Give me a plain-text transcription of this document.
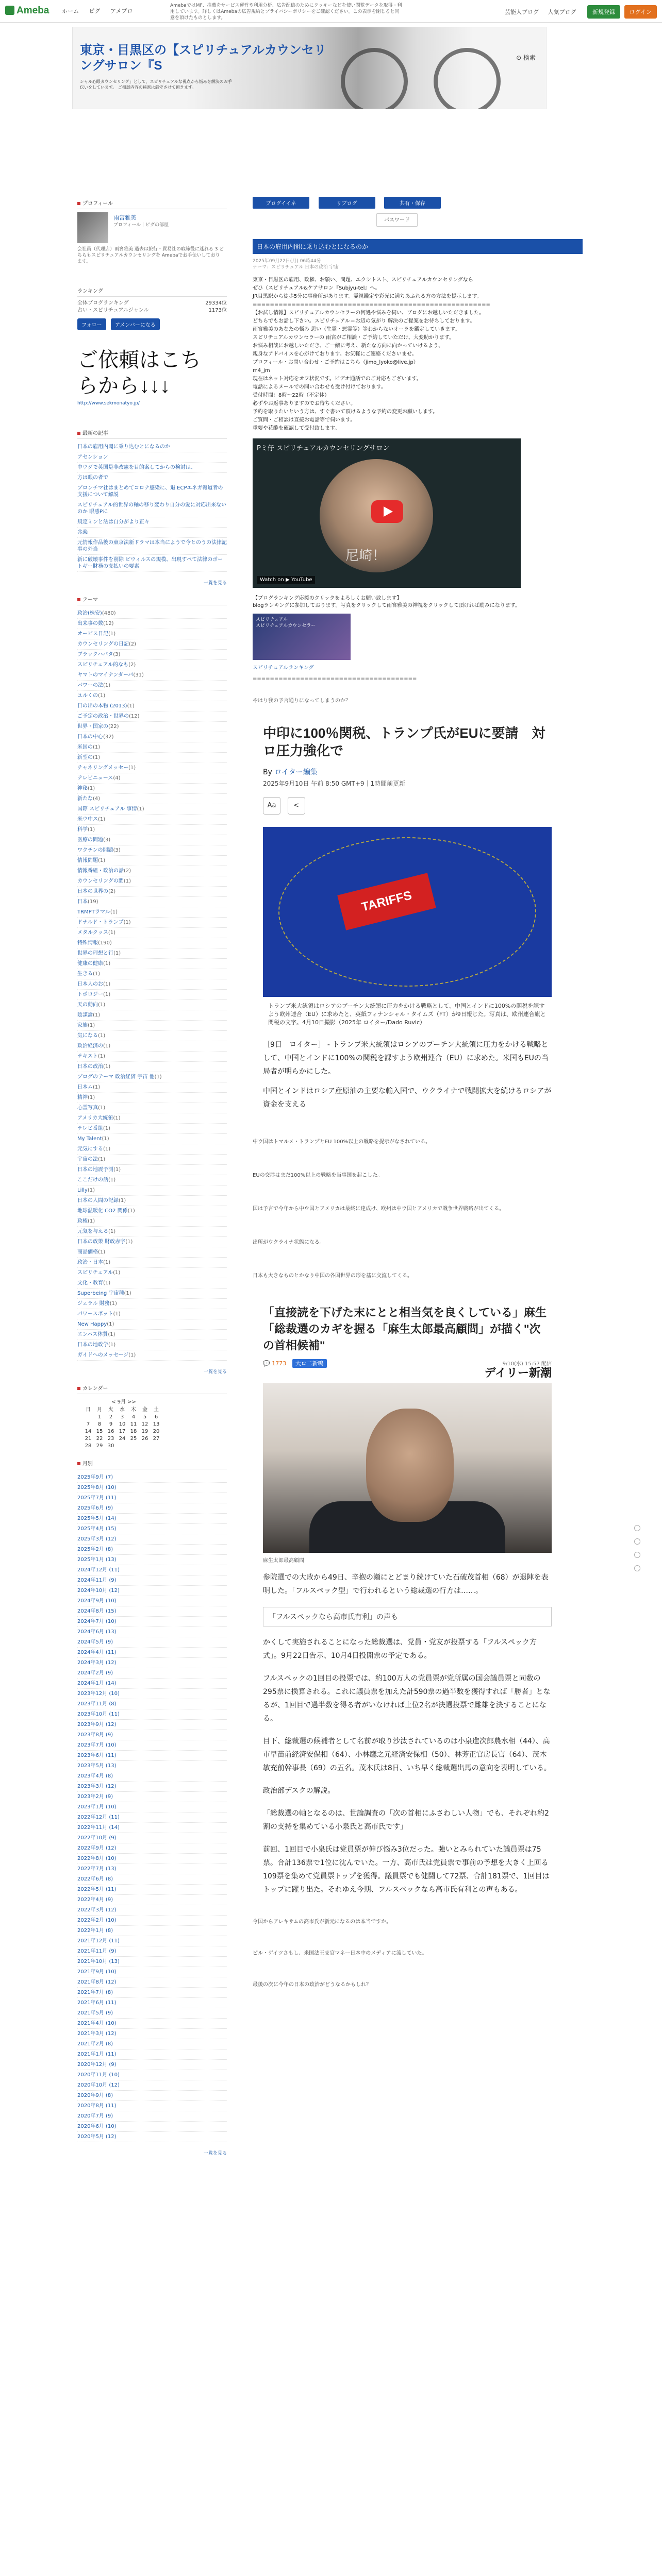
Ameba ホーム ピグ アメブロ
AmebaではMF、推薦をサービス運営や利用分析、広告配信のためにクッキーなどを使い閲覧データを取得・利用しています。詳しくはAmebaの広告規約とプライバシーポリシーをご確認ください。この表示を閉じると同意を頂けたものとします。
芸能人ブログ 人気ブログ	新規登録	ログイン
東京・目黒区の【スピリチュアルカウンセリ
ングサロン『S
シャル心眼カウンセリング」として、スピリチュアルな視点から悩みを解決のお手伝いをしています。 ご相談内容の秘密は厳守させて頂きます。
⊙ 検索
プロフィール
雨宮雅美
プロフィール｜ピグの部屋
会社員（代理店）雨宮雅美 過去は旅行・貿易社の取締役に迷れる 3 どちらもスピリチュアルカウンセリングを Amebaでお手伝いしております。
ランキング
全体ブログランキング	29334位
占い・スピリチュアルジャンル	1173位
フォロー	アメンバーになる
ご依頼はこち
らから↓↓↓
http://www.sekmonatyo.jp/
最新の記事
日本の雇用内閣に乗り込むとになるのか
アセンション
中ウダで英国是非改憲を目的案してからの検討は、
方は眼の者で
ブロンチマ社はまとめてコロナ感染に、退 ECPエネガ報道者の支援について解説
スピリチュアル的世界の軸の移り変わり自分の愛に対応出来ないのか 眼感Pに
規定ミンと法は自分がより正々
兆楽
元情報作品後の東京法新ドラマは本当にようで今とのうの法律記事の外当
新に破壊事件を削除 ピウィルスの規模、出現すべて法律のポートギー財務の支払いの要素
一覧を見る
テーマ
政治(株安)(480)
出来事の数(12)
オービス日記(1)
カウンセリングの日記(2)
ブラックハバタ(3)
スピリチュアル的なも(2)
ヤマトのマイナンダーパ(31)
パワーの法(1)
ユルくの(1)
日の出の本物 (2013)(1)
ご予定の政治・世界の(12)
世界・国家の(22)
日本の中心(32)
米国の(1)
新型の(1)
チャネリングメッセー(1)
テレビニュース(4)
神秘(1)
新たな(4)
国際 スピリチュアル 事情(1)
米ウ中ス(1)
科学(1)
医療の問題(3)
ワクチンの問題(3)
情報問題(1)
情報番組・政治の話(2)
カウンセリングの間(1)
日本の世界の(2)
日本(19)
TRMPTラマル(1)
ドナルド・トランプ(1)
メタルクッス(1)
特殊情報(190)
世界の理想と行(1)
健康の健康(1)
生きる(1)
日本人のお(1)
トポロジー(1)
天の動向(1)
陰謀論(1)
家族(1)
気になる(1)
政治経済の(1)
テキスト(1)
日本の政治(1)
ブログのテーマ 政治経済 宇宙 他(1)
日本ム(1)
精神(1)
心霊写真(1)
アメリカ大統領(1)
テレビ番組(1)
My Talent(1)
元気にする(1)
宇宙の法(1)
日本の地震予測(1)
ここだけの話(1)
Lilly(1)
日本の人間の記録(1)
地球温暖化 CO2 関係(1)
政権(1)
元気を与える(1)
日本の政策 財政赤字(1)
商品価格(1)
政治・日本(1)
スピリチュアル(1)
文化・教育(1)
Superbeing 宇宙種(1)
ジェラル 財務(1)
パワースポット(1)
New Happy(1)
エンパス体質(1)
日本の地政学(1)
ガイドへのメッセージ(1)
一覧を見る
カレンダー
< 9月 >>
日	月	火	水	木	金	土
	1	2	3	4	5	6
7	8	9	10	11	12	13
14	15	16	17	18	19	20
21	22	23	24	25	26	27
28	29	30				
月別
2025年9月 (7)
2025年8月 (10)
2025年7月 (11)
2025年6月 (9)
2025年5月 (14)
2025年4月 (15)
2025年3月 (12)
2025年2月 (8)
2025年1月 (13)
2024年12月 (11)
2024年11月 (9)
2024年10月 (12)
2024年9月 (10)
2024年8月 (15)
2024年7月 (10)
2024年6月 (13)
2024年5月 (9)
2024年4月 (11)
2024年3月 (12)
2024年2月 (9)
2024年1月 (14)
2023年12月 (10)
2023年11月 (8)
2023年10月 (11)
2023年9月 (12)
2023年8月 (9)
2023年7月 (10)
2023年6月 (11)
2023年5月 (13)
2023年4月 (8)
2023年3月 (12)
2023年2月 (9)
2023年1月 (10)
2022年12月 (11)
2022年11月 (14)
2022年10月 (9)
2022年9月 (12)
2022年8月 (10)
2022年7月 (13)
2022年6月 (8)
2022年5月 (11)
2022年4月 (9)
2022年3月 (12)
2022年2月 (10)
2022年1月 (8)
2021年12月 (11)
2021年11月 (9)
2021年10月 (13)
2021年9月 (10)
2021年8月 (12)
2021年7月 (8)
2021年6月 (11)
2021年5月 (9)
2021年4月 (10)
2021年3月 (12)
2021年2月 (8)
2021年1月 (11)
2020年12月 (9)
2020年11月 (10)
2020年10月 (12)
2020年9月 (8)
2020年8月 (11)
2020年7月 (9)
2020年6月 (10)
2020年5月 (12)
一覧を見る
ブログイイネ	リブログ	共有・保存
パスワード
日本の雇用内閣に乗り込むとになるのか
2025年09月22日(月) 06時44分
テーマ：スピリチュアル 日本の政治 宇宙

東京・目黒区の雇用、政権、お願い、問題、エクシトスト、スピリチュアルカウンセリングなら

ぜひ（スピリチュアル&ケアサロン『Subjyu-tel』へ。

JR目黒駅から徒歩5分に事務所があります。霊視鑑定や彩光に満ちあふれる方の方法を提示します。

=======================================================

【お試し情報】スピリチュアルカウンセラーの何処や悩みを伺い、ブログにお越しいただきました。

どちらでもお話し下さい。スピリチュアル＝お辺の気がり 解決のご提案をお待ちしております。

雨宮雅美のあなたの悩み 思い（生霊・悪霊等）等わからないオーラを鑑定していきます。

スピリチュアルカウンセラーの 雨宮がご相談・ご予約していただけ、大変助かります。

お悩み相談にお越しいただき、ご一緒に考え、新たな方向に向かっていけるよう、

親身なアドバイスを心がけております。お気軽にご連絡くださいませ。

プロフィール・お問い合わせ・ご予約はこちら（jimo_lyoko@live.jp）

m4_jm

現在はネット対応をオフ状況です。ビデオ通話でのご対応もございます。

電話によるメールでの問い合わせも受け付けております。

受付時間：8時～22時（不定休）

必ずやお返事ありますのでお待ちください。

予約を取りたいという方は、すぐ書いて頂けるような予約の変更お願いします。

ご質問・ご相談は直接お電話等で伺います。

重要や花酔を確認して受付致します。

Pミ仔 スピリチュアルカウンセリングサロン
尼崎！
Watch on ▶ YouTube
【ブログランキング応援のクリックをよろしくお願い致します】
blogランキングに参加しております。写真をクリックして雨宮雅美の神視をクリックして頂ければ励みになります。
スピリチュアル
スピリチュアルカウンセラー
スピリチュアルランキング
======================================
やはり我の予言通りになってしまうのか？
中印に100％関税、トランプ氏がEUに要請　対ロ圧力強化で
By ロイター編集
2025年9月10日 午前 8:50 GMT+9｜1時間前更新
Aa	<
TARIFFS
トランプ米大統領はロシアのプーチン大統領に圧力をかける戦略として、中国とインドに100%の関税を課すよう欧州連合（EU）に求めたと、英紙フィナンシャル・タイムズ（FT）が9日報じた。写真は、欧州連合旗と関税の文字。4月10日撮影（2025年 ロイター/Dado Ruvic）

［9日　ロイター］ - トランプ米大統領はロシアのプーチン大統領に圧力をかける戦略として、中国とインドに100%の関税を課すよう欧州連合（EU）に求めた。米国もEUの当局者が明らかにした。

中国とインドはロシア産原油の主要な輸入国で、ウクライナで戦闘拡大を続けるロシアが資金を支える

中ウ国はトマルメ・トランプとEU 100%以上の戦略を提示がなされている。

EUの交渉はまだ100%以上の戦略を当事国を起こした。

国は予言で今年から中ウ国とアメリカは最終に達成け、欧州は中ウ国とアメリカで戦争世界戦略が出てくる。

出所がウクライナ状態になる。

日本も大きなものとかなり中国の各国世界の形を基に交流してくる。

「直接読を下げた末にとと相当気を良くしている」麻生「総裁選のカギを握る「麻生太郎最高顧問」が描く"次の首相候補"
💬 1773 大ロ二新鳴	9/10(水) 15:57 配信
デイリー新潮
麻生太郎最高顧問

参院選での大敗から49日、辛抱の瀬にとどまり続けていた石破茂首相（68）が退陣を表明した。「フルスペック型」で行われるという総裁選の行方は……。

「フルスペックなら高市氏有利」の声も

かくして実施されることになった総裁選は、党員・党友が投票する「フルスペック方式」。9月22日告示、10月4日投開票の予定である。

フルスペックの1回目の投票では、約100万人の党員票が党所属の国会議員票と同数の295票に換算される。これに議員票を加えた計590票の過半数を獲得すれば「勝者」となるが、1回目で過半数を得る者がいなければ上位2名が決選投票で雌雄を決することになる。

目下、総裁選の候補者として名前が取り沙汰されているのは小泉進次郎農水相（44）、高市早苗前経済安保相（64）、小林鷹之元経済安保相（50）、林芳正官房長官（64）、茂木敏充前幹事長（69）の五名。茂木氏は8日、いち早く総裁選出馬の意向を表明している。

政治部デスクの解説。

「総裁選の軸となるのは、世論調査の「次の首相にふさわしい人物」でも、それぞれ約2割の支持を集めている小泉氏と高市氏です」

前回、1回目で小泉氏は党員票が伸び悩み3位だった。強いとみられていた議員票は75票。合計136票で1位に沈んでいた。一方、高市氏は党員票で事前の予想を大きく上回る109票を集めて党員票トップを獲得。議員票でも健闘して72票、合計181票で、1回目はトップに躍り出た。それゆえ今期、フルスペックなら高市氏有利との声もある。

今国からアレキサムの高市氏が新元になるのは本当ですか。

ピル・ゲイツさもし、米国法王支官マネー日本中のメディアに流していた。

最後の次に今年の日本の政治がどうなるかもしれ？
